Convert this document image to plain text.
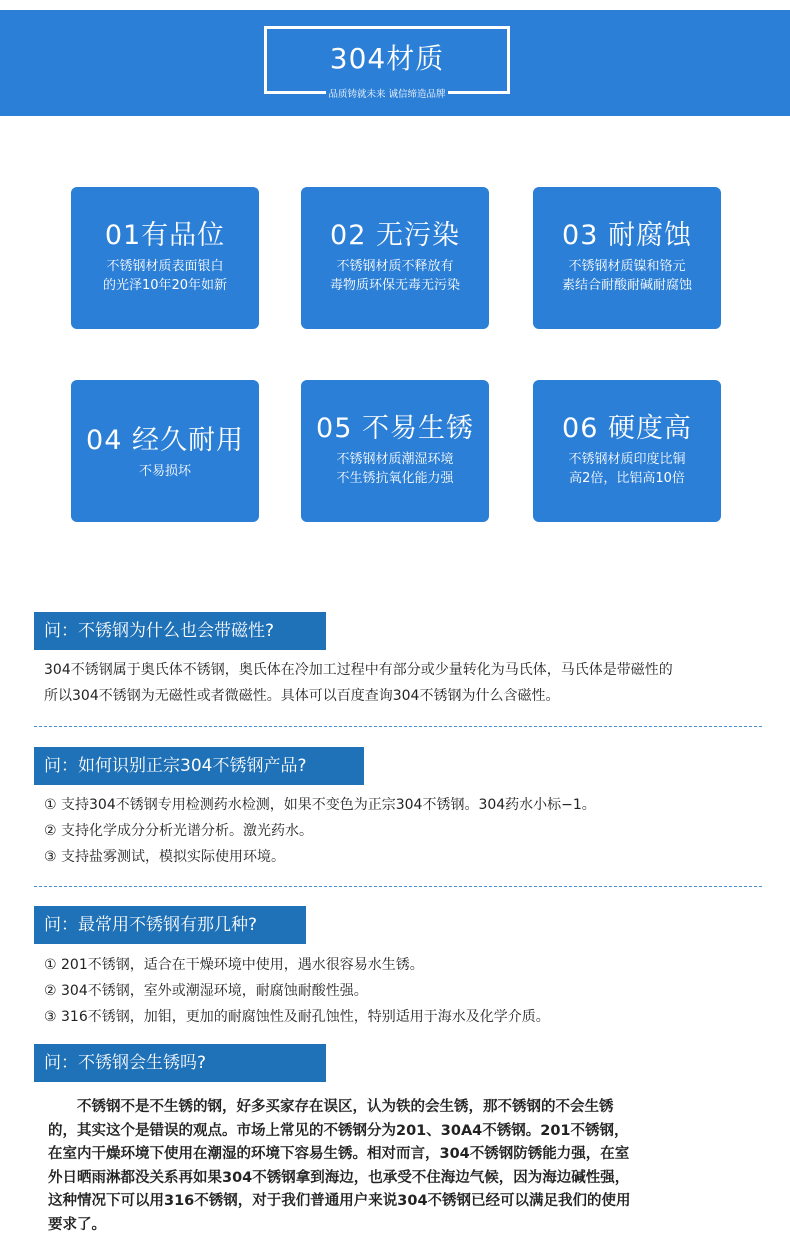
304材质
品质铸就未来 诚信缔造品牌
01有品位
不锈钢材质表面银白
的光泽10年20年如新
02 无污染
不锈钢材质不释放有
毒物质环保无毒无污染
03 耐腐蚀
不锈钢材质镍和铬元
素结合耐酸耐碱耐腐蚀
04 经久耐用
不易损坏
05 不易生锈
不锈钢材质潮湿环境
不生锈抗氧化能力强
06 硬度高
不锈钢材质印度比铜
高2倍，比铝高10倍
问：不锈钢为什么也会带磁性?
304不锈钢属于奥氏体不锈钢，奥氏体在冷加工过程中有部分或少量转化为马氏体，马氏体是带磁性的
所以304不锈钢为无磁性或者微磁性。具体可以百度查询304不锈钢为什么含磁性。
问：如何识别正宗304不锈钢产品?
① 支持304不锈钢专用检测药水检测，如果不变色为正宗304不锈钢。304药水小标−1。
② 支持化学成分分析光谱分析。激光药水。
③ 支持盐雾测试，模拟实际使用环境。
问：最常用不锈钢有那几种?
① 201不锈钢，适合在干燥环境中使用，遇水很容易水生锈。
② 304不锈钢，室外或潮湿环境，耐腐蚀耐酸性强。
③ 316不锈钢，加钼，更加的耐腐蚀性及耐孔蚀性，特别适用于海水及化学介质。
问：不锈钢会生锈吗?
不锈钢不是不生锈的钢，好多买家存在误区，认为铁的会生锈，那不锈钢的不会生锈的，其实这个是错误的观点。市场上常见的不锈钢分为201、30A4不锈钢。201不锈钢，在室内干燥环境下使用在潮湿的环境下容易生锈。相对而言，304不锈钢防锈能力强，在室外日晒雨淋都没关系再如果304不锈钢拿到海边，也承受不住海边气候，因为海边碱性强，这种情况下可以用316不锈钢，对于我们普通用户来说304不锈钢已经可以满足我们的使用要求了。
